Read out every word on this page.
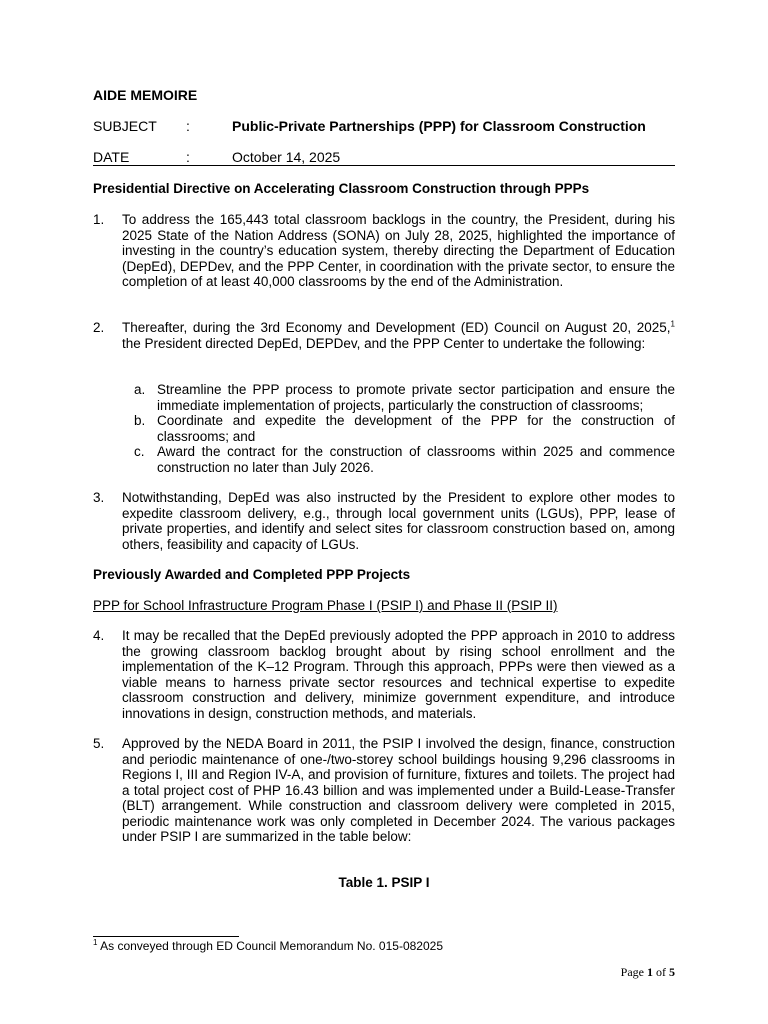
AIDE MEMOIRE
SUBJECT :	Public-Private Partnerships (PPP) for Classroom Construction
DATE	:	October 14, 2025
Presidential Directive on Accelerating Classroom Construction through PPPs
1. To address the 165,443 total classroom backlogs in the country, the President, during his 2025 State of the Nation Address (SONA) on July 28, 2025, highlighted the importance of investing in the country’s education system, thereby directing the Department of Education (DepEd), DEPDev, and the PPP Center, in coordination with the private sector, to ensure the completion of at least 40,000 classrooms by the end of the Administration.
2. Thereafter, during the 3rd Economy and Development (ED) Council on August 20, 2025,$^1$ the President directed DepEd, DEPDev, and the PPP Center to undertake the following:
a. Streamline the PPP process to promote private sector participation and ensure the immediate implementation of projects, particularly the construction of classrooms;
b. Coordinate and expedite the development of the PPP for the construction of classrooms; and
c. Award the contract for the construction of classrooms within 2025 and commence construction no later than July 2026.
3. Notwithstanding, DepEd was also instructed by the President to explore other modes to expedite classroom delivery, e.g., through local government units (LGUs), PPP, lease of private properties, and identify and select sites for classroom construction based on, among others, feasibility and capacity of LGUs.
Previously Awarded and Completed PPP Projects
PPP for School Infrastructure Program Phase I (PSIP I) and Phase II (PSIP II)
4. It may be recalled that the DepEd previously adopted the PPP approach in 2010 to address the growing classroom backlog brought about by rising school enrollment and the implementation of the K–12 Program. Through this approach, PPPs were then viewed as a viable means to harness private sector resources and technical expertise to expedite classroom construction and delivery, minimize government expenditure, and introduce innovations in design, construction methods, and materials.
5. Approved by the NEDA Board in 2011, the PSIP I involved the design, finance, construction and periodic maintenance of one-/two-storey school buildings housing 9,296 classrooms in Regions I, III and Region IV-A, and provision of furniture, fixtures and toilets. The project had a total project cost of PHP 16.43 billion and was implemented under a Build-Lease-Transfer (BLT) arrangement. While construction and classroom delivery were completed in 2015, periodic maintenance work was only completed in December 2024. The various packages under PSIP I are summarized in the table below:
Table 1. PSIP I
$^1$ As conveyed through ED Council Memorandum No. 015-082025
Page 1 of 5
